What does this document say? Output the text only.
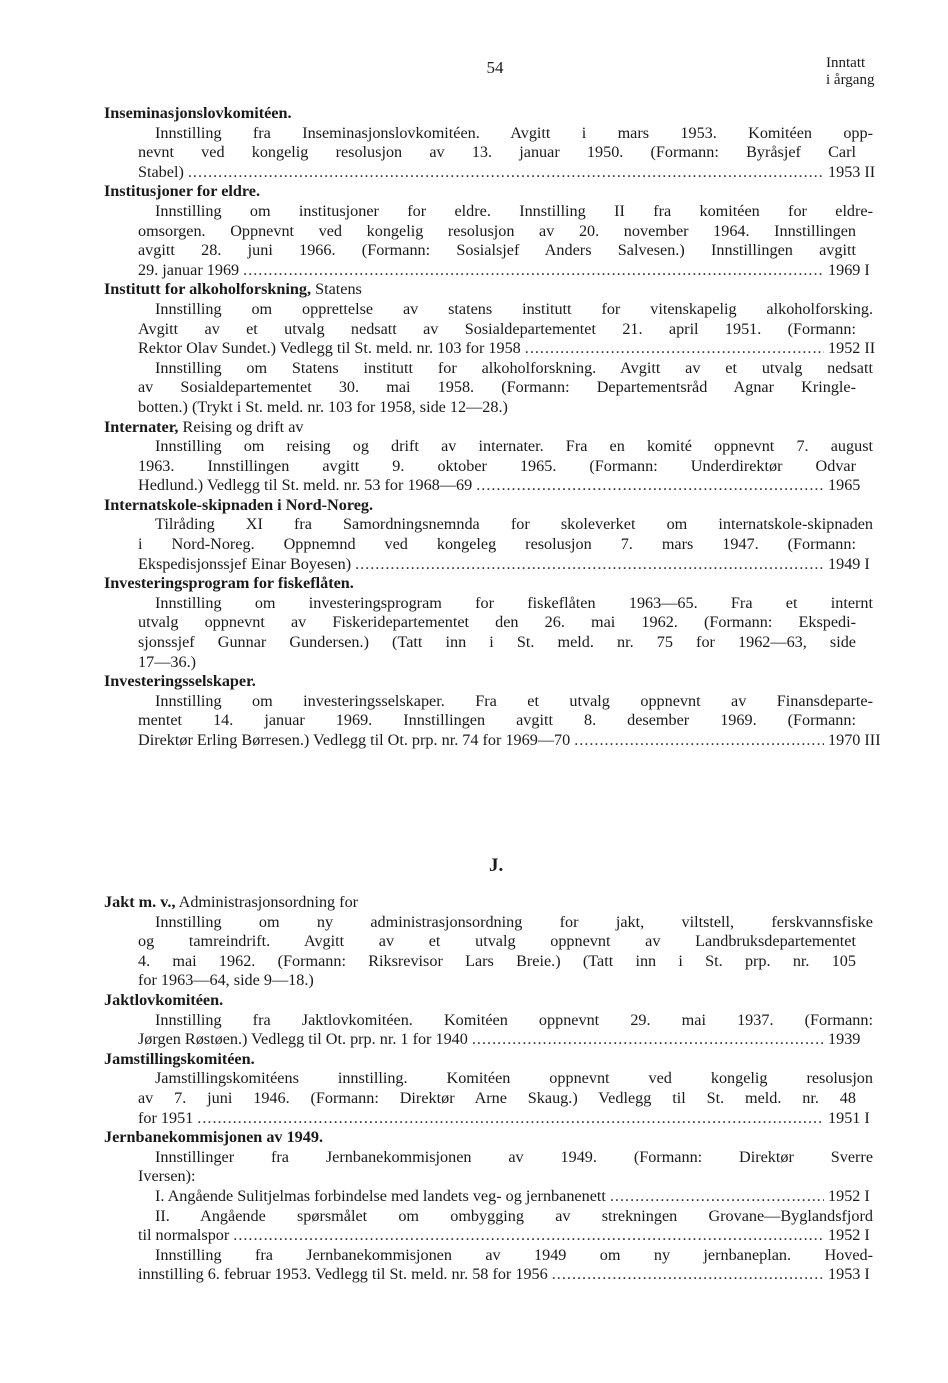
54	Inntatt
i årgang
Inseminasjonslovkomitéen.
Innstilling fra Inseminasjonslovkomitéen. Avgitt i mars 1953. Komitéen opp-
nevnt ved kongelig resolusjon av 13. januar 1950. (Formann: Byråsjef Carl
Stabel) .....	1953 II
Institusjoner for eldre.
Innstilling om institusjoner for eldre. Innstilling II fra komitéen for eldre-
omsorgen. Oppnevnt ved kongelig resolusjon av 20. november 1964. Innstillingen
avgitt 28. juni 1966. (Formann: Sosialsjef Anders Salvesen.) Innstillingen avgitt
29. januar 1969 .....	1969 I
Institutt for alkoholforskning, Statens
Innstilling om opprettelse av statens institutt for vitenskapelig alkoholforsking.
Avgitt av et utvalg nedsatt av Sosialdepartementet 21. april 1951. (Formann:
Rektor Olav Sundet.) Vedlegg til St. meld. nr. 103 for 1958 .....	1952 II
Innstilling om Statens institutt for alkoholforskning. Avgitt av et utvalg nedsatt
av Sosialdepartementet 30. mai 1958. (Formann: Departementsråd Agnar Kringle-
botten.) (Trykt i St. meld. nr. 103 for 1958, side 12—28.)
Internater, Reising og drift av
Innstilling om reising og drift av internater. Fra en komité oppnevnt 7. august
1963. Innstillingen avgitt 9. oktober 1965. (Formann: Underdirektør Odvar
Hedlund.) Vedlegg til St. meld. nr. 53 for 1968—69 .....	1965
Internatskole-skipnaden i Nord-Noreg.
Tilråding XI fra Samordningsnemnda for skoleverket om internatskole-skipnaden
i Nord-Noreg. Oppnemnd ved kongeleg resolusjon 7. mars 1947. (Formann:
Ekspedisjonssjef Einar Boyesen) .....	1949 I
Investeringsprogram for fiskeflåten.
Innstilling om investeringsprogram for fiskeflåten 1963—65. Fra et internt
utvalg oppnevnt av Fiskeridepartementet den 26. mai 1962. (Formann: Ekspedi-
sjonssjef Gunnar Gundersen.) (Tatt inn i St. meld. nr. 75 for 1962—63, side
17—36.)
Investeringsselskaper.
Innstilling om investeringsselskaper. Fra et utvalg oppnevnt av Finansdeparte-
mentet 14. januar 1969. Innstillingen avgitt 8. desember 1969. (Formann:
Direktør Erling Børresen.) Vedlegg til Ot. prp. nr. 74 for 1969—70 .....	1970 III
J.
Jakt m. v., Administrasjonsordning for
Innstilling om ny administrasjonsordning for jakt, viltstell, ferskvannsfiske
og tamreindrift. Avgitt av et utvalg oppnevnt av Landbruksdepartementet
4. mai 1962. (Formann: Riksrevisor Lars Breie.) (Tatt inn i St. prp. nr. 105
for 1963—64, side 9—18.)
Jaktlovkomitéen.
Innstilling fra Jaktlovkomitéen. Komitéen oppnevnt 29. mai 1937. (Formann:
Jørgen Røstøen.) Vedlegg til Ot. prp. nr. 1 for 1940 .....	1939
Jamstillingskomitéen.
Jamstillingskomitéens innstilling. Komitéen oppnevnt ved kongelig resolusjon
av 7. juni 1946. (Formann: Direktør Arne Skaug.) Vedlegg til St. meld. nr. 48
for 1951 .....	1951 I
Jernbanekommisjonen av 1949.
Innstillinger fra Jernbanekommisjonen av 1949. (Formann: Direktør Sverre
Iversen):
I. Angående Sulitjelmas forbindelse med landets veg- og jernbanenett .....	1952 I
II. Angående spørsmålet om ombygging av strekningen Grovane—Byglandsfjord
til normalspor .....	1952 I
Innstilling fra Jernbanekommisjonen av 1949 om ny jernbaneplan. Hoved-
innstilling 6. februar 1953. Vedlegg til St. meld. nr. 58 for 1956 .....	1953 I
